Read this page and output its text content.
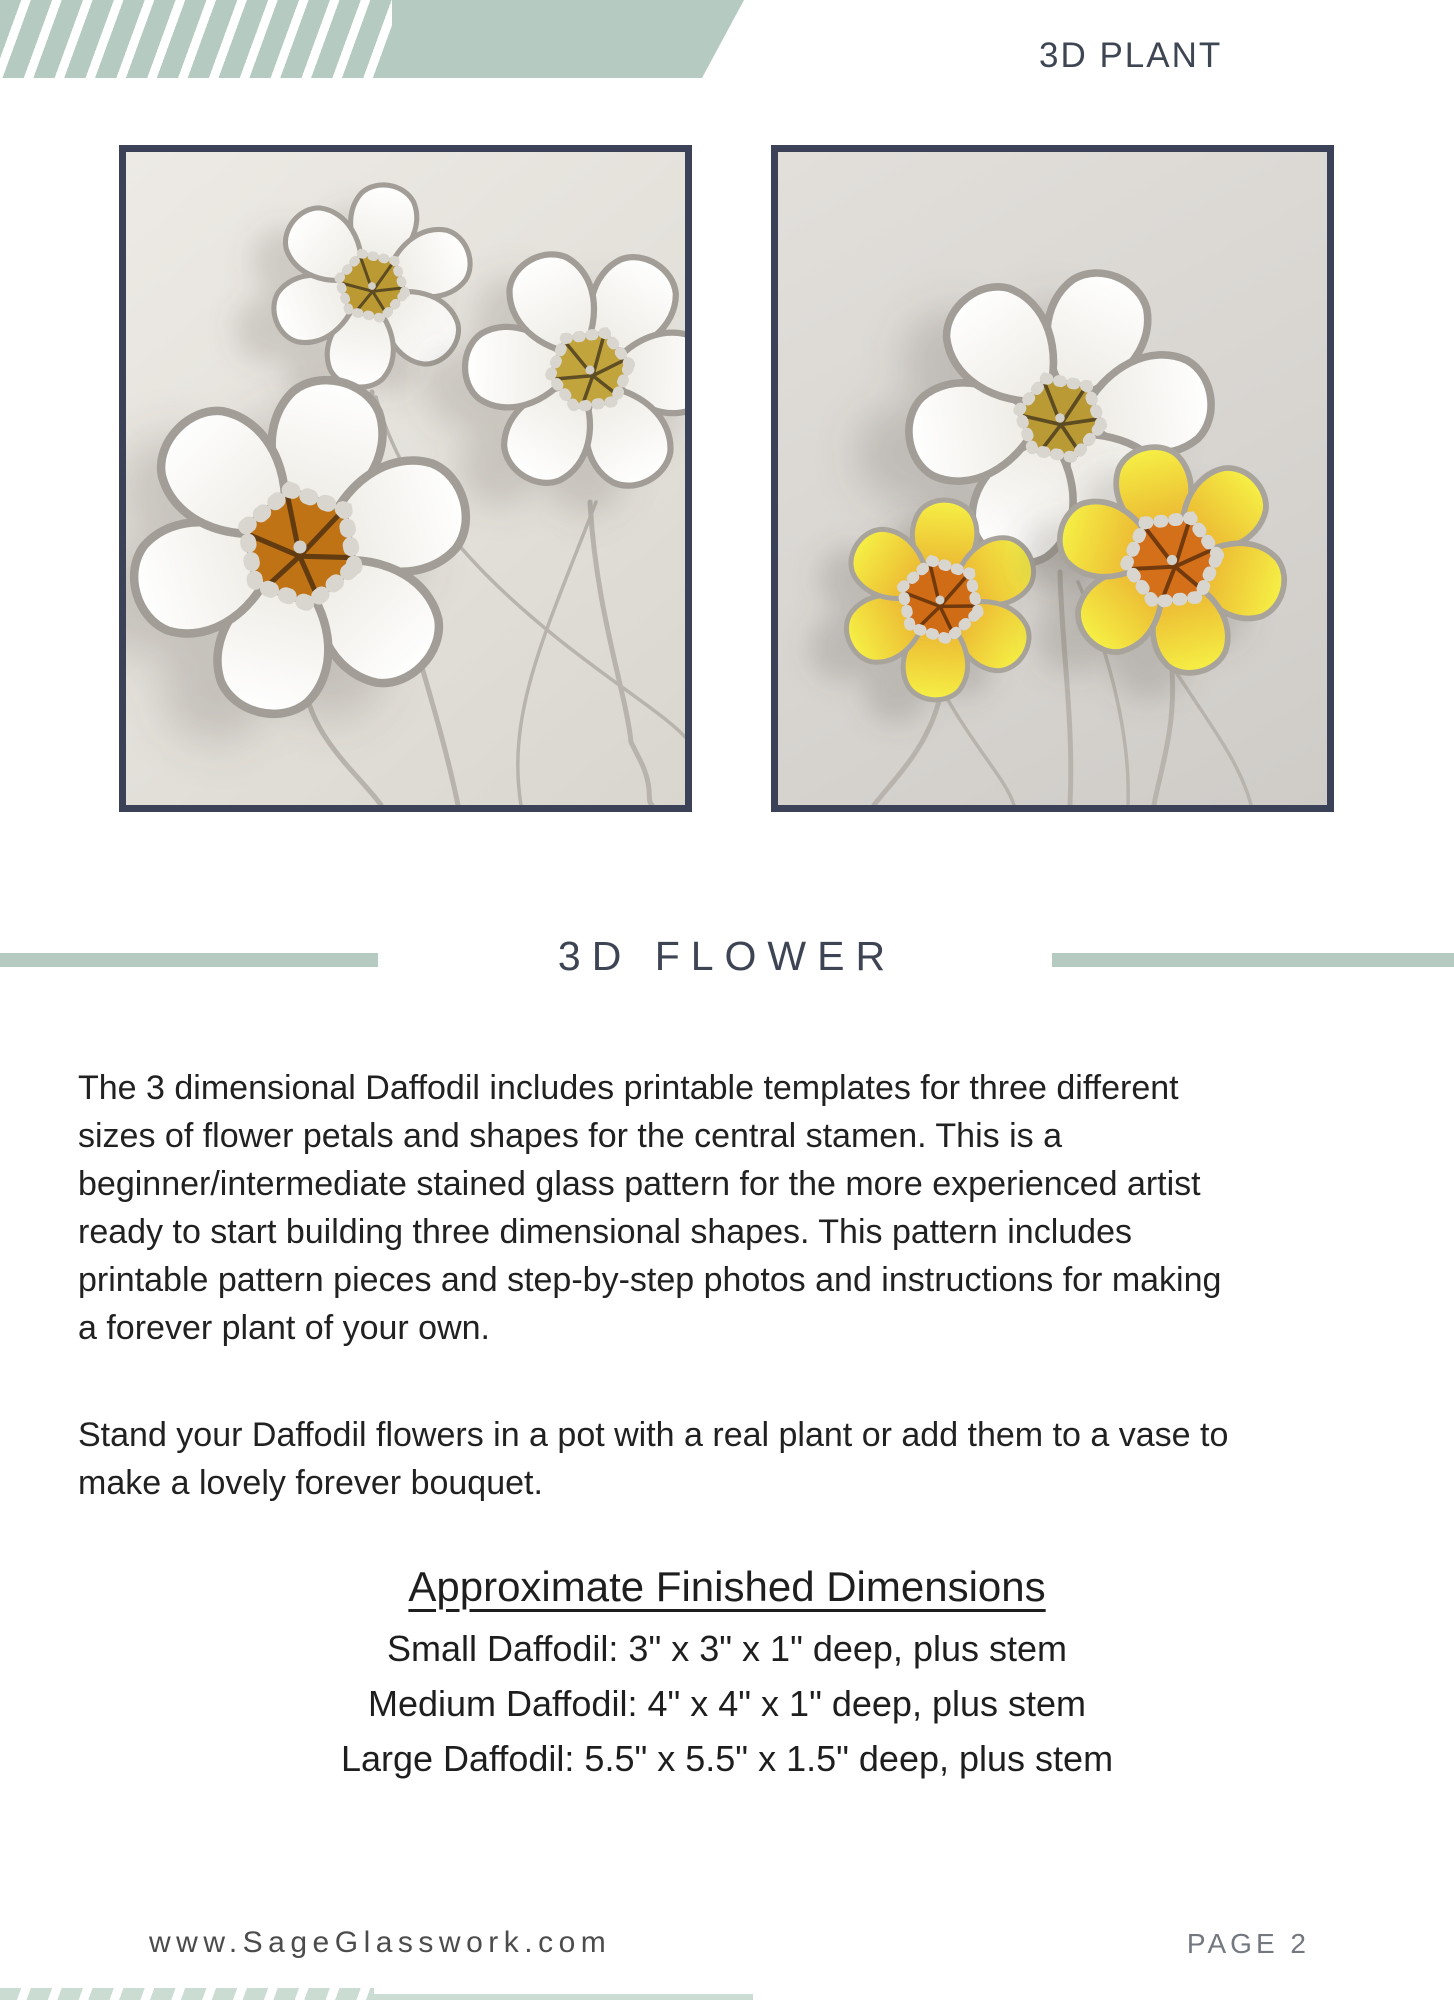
3D PLANT
3D FLOWER
The 3 dimensional Daffodil includes printable templates for three different
sizes of flower petals and shapes for the central stamen. This is a
beginner/intermediate stained glass pattern for the more experienced artist
ready to start building three dimensional shapes. This pattern includes
printable pattern pieces and step-by-step photos and instructions for making
a forever plant of your own.
Stand your Daffodil flowers in a pot with a real plant or add them to a vase to
make a lovely forever bouquet.
Approximate Finished Dimensions
Small Daffodil: 3" x 3" x 1" deep, plus stem
Medium Daffodil: 4" x 4" x 1" deep, plus stem
Large Daffodil: 5.5" x 5.5" x 1.5" deep, plus stem
www.SageGlasswork.com	PAGE 2
